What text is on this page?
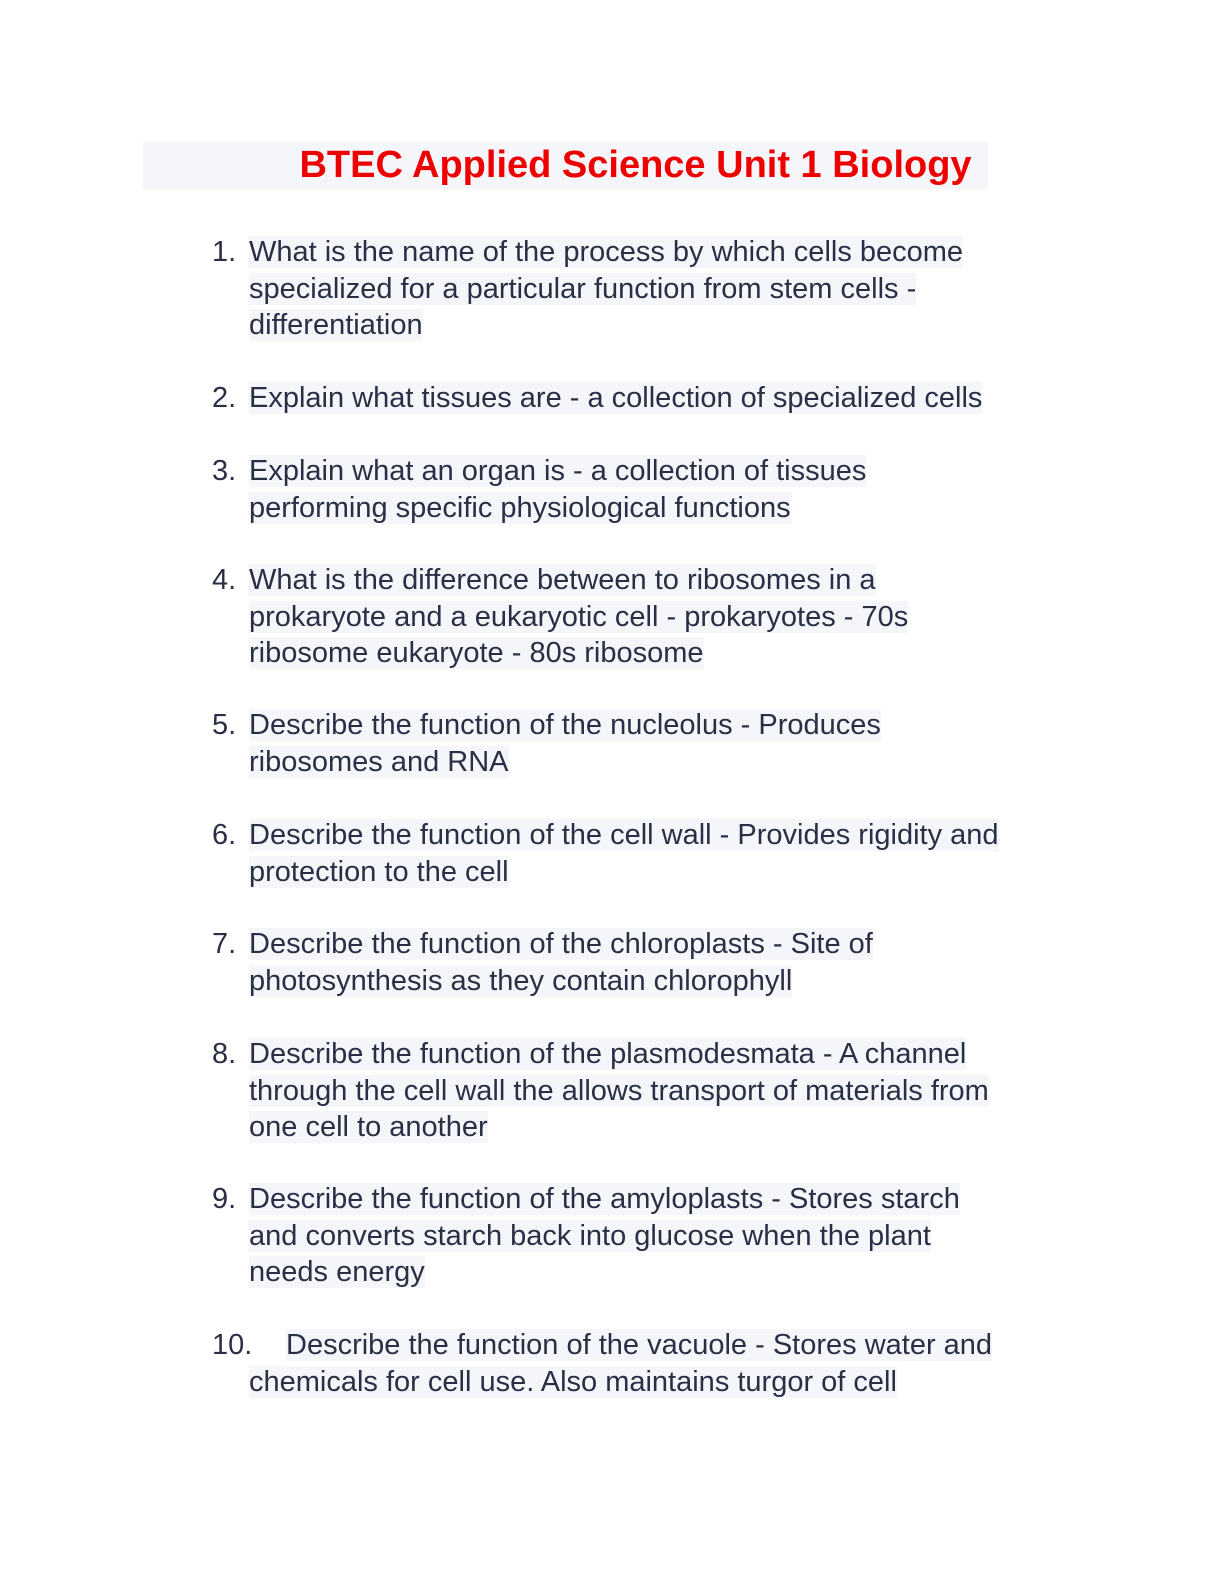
BTEC Applied Science Unit 1 Biology
1. What is the name of the process by which cells become
specialized for a particular function from stem cells -
differentiation
2. Explain what tissues are - a collection of specialized cells
3. Explain what an organ is - a collection of tissues
performing specific physiological functions
4. What is the difference between to ribosomes in a
prokaryote and a eukaryotic cell - prokaryotes - 70s
ribosome eukaryote - 80s ribosome
5. Describe the function of the nucleolus - Produces
ribosomes and RNA
6. Describe the function of the cell wall - Provides rigidity and
protection to the cell
7. Describe the function of the chloroplasts - Site of
photosynthesis as they contain chlorophyll
8. Describe the function of the plasmodesmata - A channel
through the cell wall the allows transport of materials from
one cell to another
9. Describe the function of the amyloplasts - Stores starch
and converts starch back into glucose when the plant
needs energy
10.	Describe the function of the vacuole - Stores water and
chemicals for cell use. Also maintains turgor of cell
